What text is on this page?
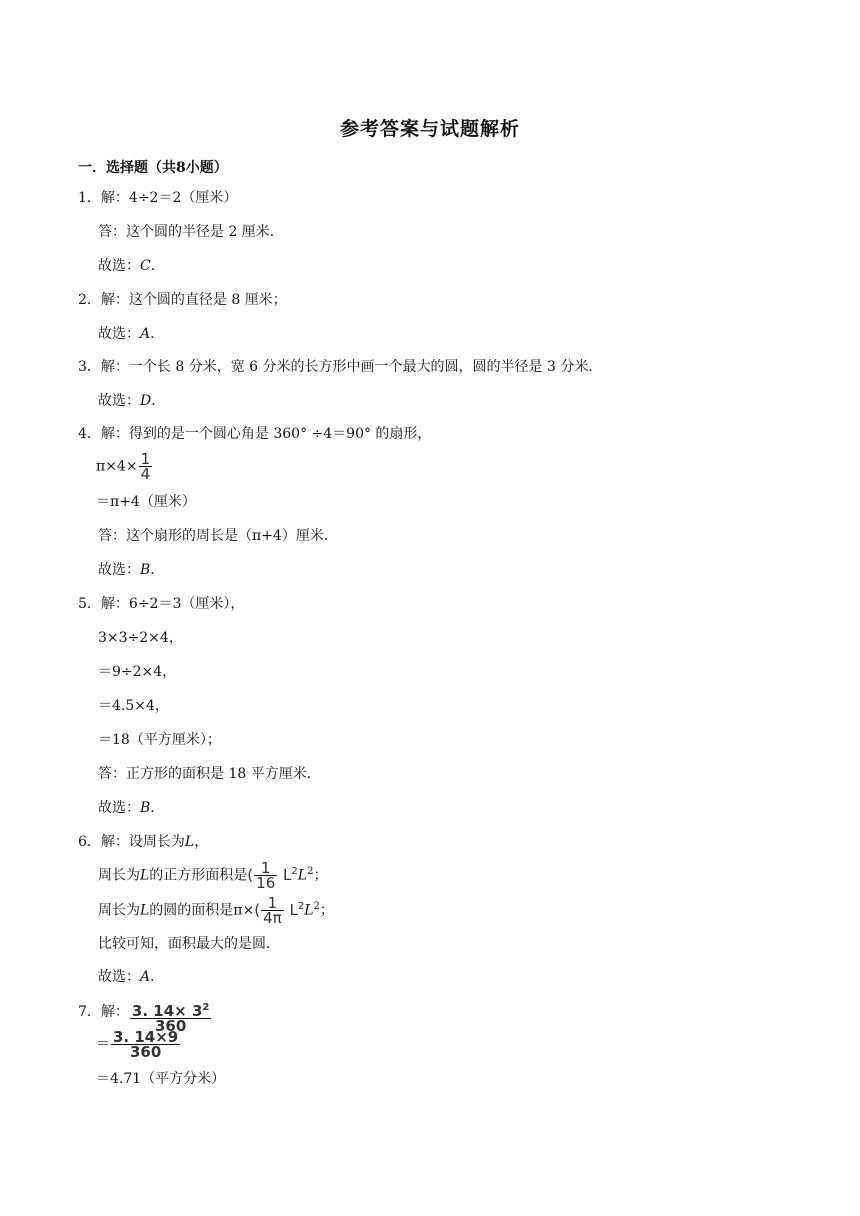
参考答案与试题解析
一．选择题（共8小题）
1．解：4÷2＝2（厘米）
答：这个圆的半径是 2 厘米．
故选：C．
2．解：这个圆的直径是 8 厘米；
故选：A．
3．解：一个长 8 分米，宽 6 分米的长方形中画一个最大的圆，圆的半径是 3 分米．
故选：D．
4．解：得到的是一个圆心角是 360° ÷4＝90° 的扇形，
$\pi\times 4\times \frac{1}{4}$
＝π+4（厘米）
答：这个扇形的周长是（π+4）厘米．
故选：B．
5．解：6÷2＝3（厘米），
3×3÷2×4，
＝9÷2×4，
＝4.5×4，
＝18（平方厘米）；
答：正方形的面积是 18 平方厘米．
故选：B．
6．解：设周长为L，
周长为L的正方形面积是( $\frac{1}{16} L^2L^2$；
周长为L的圆的面积是$\pi\times( \frac{1}{4\pi} L^2L^2$；
比较可知，面积最大的是圆．
故选：A．
7．解： $\frac{3. 14\times 3^2}{360}$
＝ $\frac{3. 14\times 9}{360}$
＝4.71（平方分米）
